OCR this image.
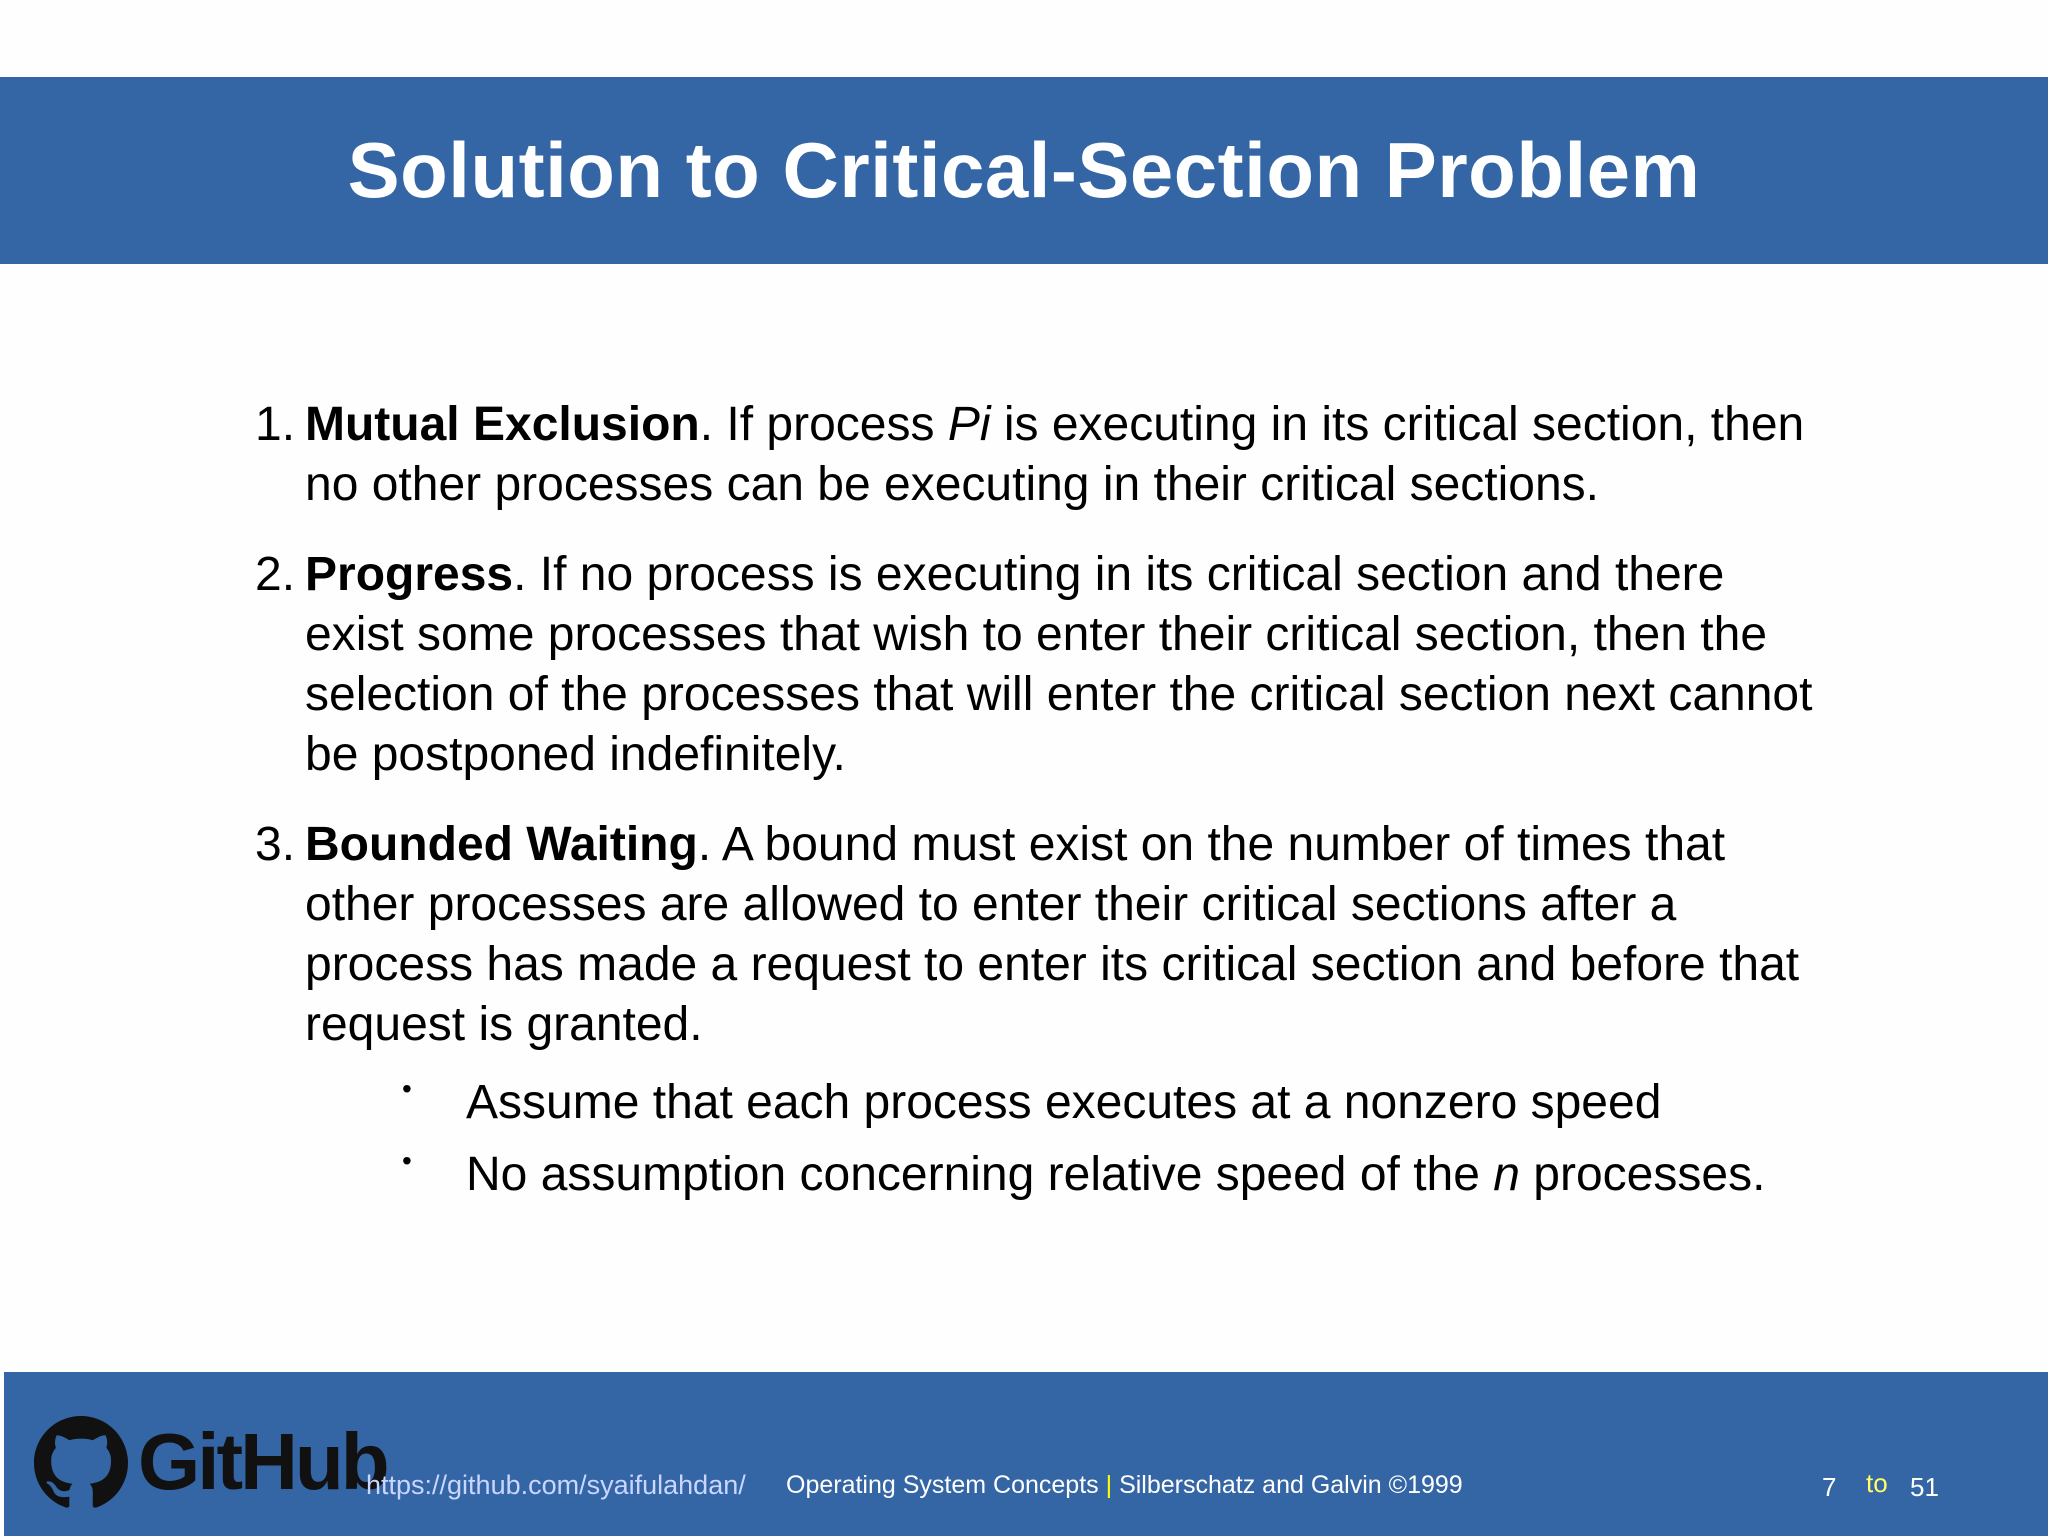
Solution to Critical-Section Problem
1. Mutual Exclusion. If process Pi is executing in its critical section, then no other processes can be executing in their critical sections.
2. Progress. If no process is executing in its critical section and there exist some processes that wish to enter their critical section, then the selection of the processes that will enter the critical section next cannot be postponed indefinitely.
3. Bounded Waiting. A bound must exist on the number of times that other processes are allowed to enter their critical sections after a process has made a request to enter its critical section and before that request is granted.
• Assume that each process executes at a nonzero speed
• No assumption concerning relative speed of the n processes.
GitHub
https://github.com/syaifulahdan/ Operating System Concepts | Silberschatz and Galvin ©1999	7 to 51
